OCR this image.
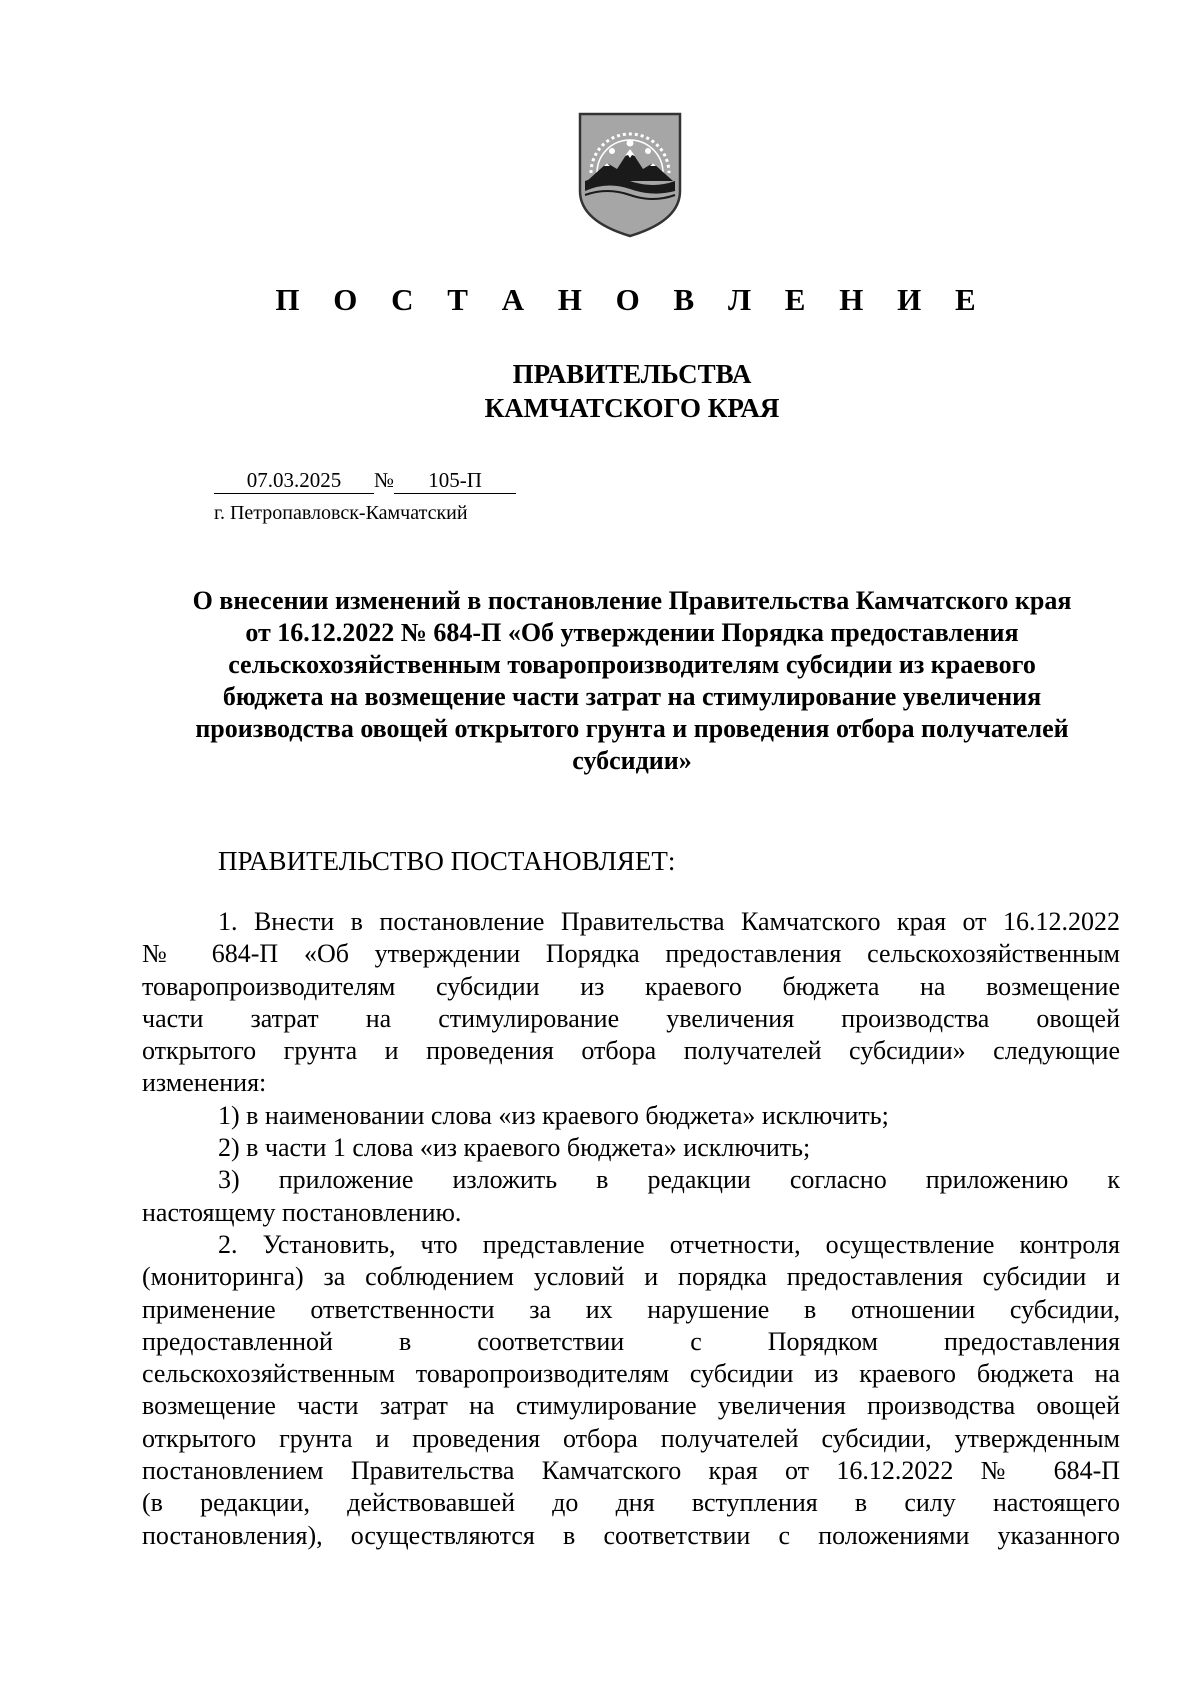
П О С Т А Н О В Л Е Н И Е
ПРАВИТЕЛЬСТВА
КАМЧАТСКОГО КРАЯ
07.03.2025 № 105-П
г. Петропавловск-Камчатский
О внесении изменений в постановление Правительства Камчатского края
от 16.12.2022 № 684-П «Об утверждении Порядка предоставления
сельскохозяйственным товаропроизводителям субсидии из краевого
бюджета на возмещение части затрат на стимулирование увеличения
производства овощей открытого грунта и проведения отбора получателей
субсидии»
ПРАВИТЕЛЬСТВО ПОСТАНОВЛЯЕТ:
1. Внести в постановление Правительства Камчатского края от 16.12.2022
№ 684-П «Об утверждении Порядка предоставления сельскохозяйственным
товаропроизводителям субсидии из краевого бюджета на возмещение
части затрат на стимулирование увеличения производства овощей
открытого грунта и проведения отбора получателей субсидии» следующие
изменения:
1) в наименовании слова «из краевого бюджета» исключить;
2) в части 1 слова «из краевого бюджета» исключить;
3) приложение изложить в редакции согласно приложению к
настоящему постановлению.
2. Установить, что представление отчетности, осуществление контроля
(мониторинга) за соблюдением условий и порядка предоставления субсидии и
применение ответственности за их нарушение в отношении субсидии,
предоставленной в соответствии с Порядком предоставления
сельскохозяйственным товаропроизводителям субсидии из краевого бюджета на
возмещение части затрат на стимулирование увеличения производства овощей
открытого грунта и проведения отбора получателей субсидии, утвержденным
постановлением Правительства Камчатского края от 16.12.2022 № 684-П
(в редакции, действовавшей до дня вступления в силу настоящего
постановления), осуществляются в соответствии с положениями указанного
